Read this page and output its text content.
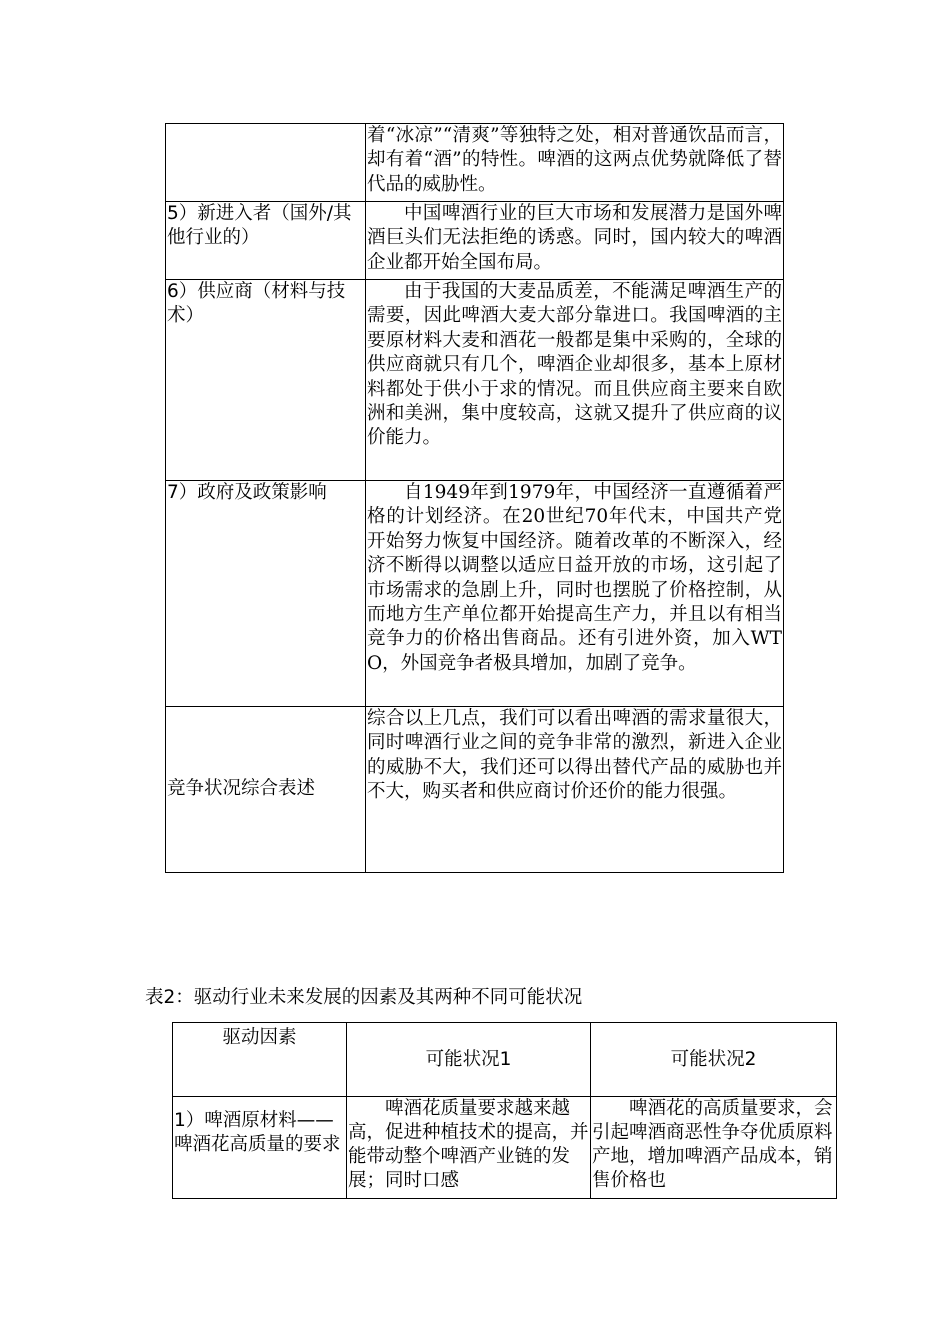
	着“冰凉”“清爽”等独特之处，相对普通饮品而言，却有着“酒”的特性。啤酒的这两点优势就降低了替代品的威胁性。
5）新进入者（国外/其他行业的）	中国啤酒行业的巨大市场和发展潜力是国外啤酒巨头们无法拒绝的诱惑。同时，国内较大的啤酒企业都开始全国布局。
6）供应商（材料与技术）	由于我国的大麦品质差，不能满足啤酒生产的需要，因此啤酒大麦大部分靠进口。我国啤酒的主要原材料大麦和酒花一般都是集中采购的，全球的供应商就只有几个，啤酒企业却很多，基本上原材料都处于供小于求的情况。而且供应商主要来自欧洲和美洲，集中度较高，这就又提升了供应商的议价能力。
7）政府及政策影响	自1949年到1979年，中国经济一直遵循着严格的计划经济。在20世纪70年代末，中国共产党开始努力恢复中国经济。随着改革的不断深入，经济不断得以调整以适应日益开放的市场，这引起了市场需求的急剧上升，同时也摆脱了价格控制，从而地方生产单位都开始提高生产力，并且以有相当竞争力的价格出售商品。还有引进外资，加入WTO，外国竞争者极具增加，加剧了竞争。
竞争状况综合表述	综合以上几点，我们可以看出啤酒的需求量很大，同时啤酒行业之间的竞争非常的激烈，新进入企业的威胁不大，我们还可以得出替代产品的威胁也并不大，购买者和供应商讨价还价的能力很强。
表2：驱动行业未来发展的因素及其两种不同可能状况
驱动因素	可能状况1	可能状况2
1）啤酒原材料——啤酒花高质量的要求	啤酒花质量要求越来越高，促进种植技术的提高，并能带动整个啤酒产业链的发展；同时口感	啤酒花的高质量要求，会引起啤酒商恶性争夺优质原料产地，增加啤酒产品成本，销售价格也
